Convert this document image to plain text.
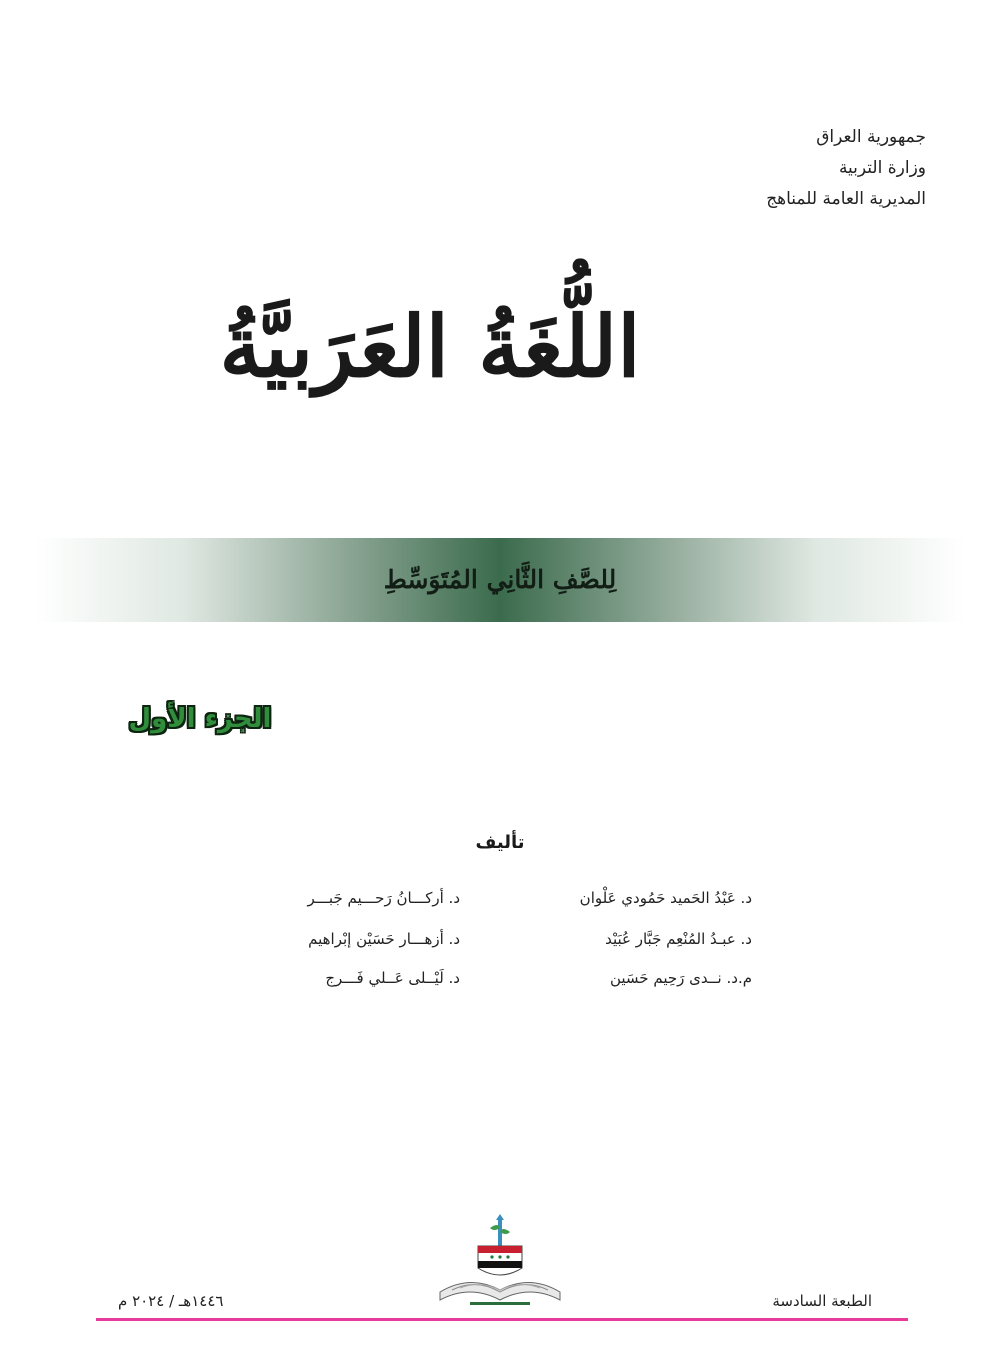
جمهورية العراق
وزارة التربية
المديرية العامة للمناهج
اللُّغَةُ العَرَبيَّةُ
لِلصَّفِ الثَّانِي المُتَوَسِّطِ
الجزء الأول
تأليف
د. عَبْدُ الحَميد حَمُودي عَلْوان
د. عبـدُ المُنْعِم جَبَّار عُبَيْد
م.د. نــدى رَحِيم حَسَين
د. أركـــانُ رَحـــيم جَبـــر
د. أزهـــار حَسَيْن إبْراهيم
د. لَيْــلى عَــلي فَـــرج
الطبعة السادسة
١٤٤٦هـ / ٢٠٢٤ م
